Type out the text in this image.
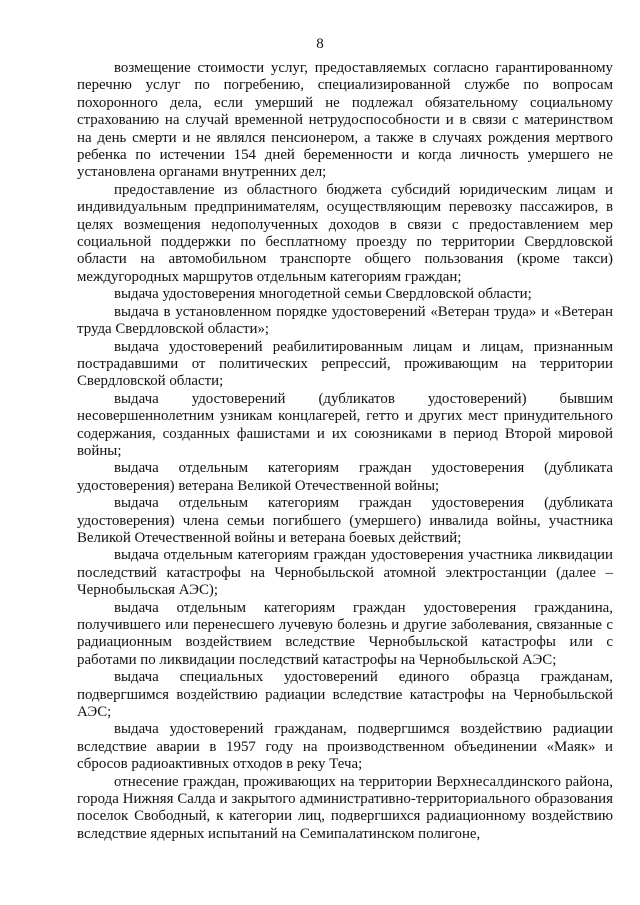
8

возмещение стоимости услуг, предоставляемых согласно гарантированному перечню услуг по погребению, специализированной службе по вопросам похоронного дела, если умерший не подлежал обязательному социальному страхованию на случай временной нетрудоспособности и в связи с материнством на день смерти и не являлся пенсионером, а также в случаях рождения мертвого ребенка по истечении 154 дней беременности и когда личность умершего не установлена органами внутренних дел;

предоставление из областного бюджета субсидий юридическим лицам и индивидуальным предпринимателям, осуществляющим перевозку пассажиров, в целях возмещения недополученных доходов в связи с предоставлением мер социальной поддержки по бесплатному проезду по территории Свердловской области на автомобильном транспорте общего пользования (кроме такси) междугородных маршрутов отдельным категориям граждан;

выдача удостоверения многодетной семьи Свердловской области;

выдача в установленном порядке удостоверений «Ветеран труда» и «Ветеран труда Свердловской области»;

выдача удостоверений реабилитированным лицам и лицам, признанным пострадавшими от политических репрессий, проживающим на территории Свердловской области;

выдача удостоверений (дубликатов удостоверений) бывшим несовершеннолетним узникам концлагерей, гетто и других мест принудительного содержания, созданных фашистами и их союзниками в период Второй мировой войны;

выдача отдельным категориям граждан удостоверения (дубликата удостоверения) ветерана Великой Отечественной войны;

выдача отдельным категориям граждан удостоверения (дубликата удостоверения) члена семьи погибшего (умершего) инвалида войны, участника Великой Отечественной войны и ветерана боевых действий;

выдача отдельным категориям граждан удостоверения участника ликвидации последствий катастрофы на Чернобыльской атомной электростанции (далее – Чернобыльская АЭС);

выдача отдельным категориям граждан удостоверения гражданина, получившего или перенесшего лучевую болезнь и другие заболевания, связанные с радиационным воздействием вследствие Чернобыльской катастрофы или с работами по ликвидации последствий катастрофы на Чернобыльской АЭС;

выдача специальных удостоверений единого образца гражданам, подвергшимся воздействию радиации вследствие катастрофы на Чернобыльской АЭС;

выдача удостоверений гражданам, подвергшимся воздействию радиации вследствие аварии в 1957 году на производственном объединении «Маяк» и сбросов радиоактивных отходов в реку Теча;

отнесение граждан, проживающих на территории Верхнесалдинского района, города Нижняя Салда и закрытого административно-территориального образования поселок Свободный, к категории лиц, подвергшихся радиационному воздействию вследствие ядерных испытаний на Семипалатинском полигоне,
